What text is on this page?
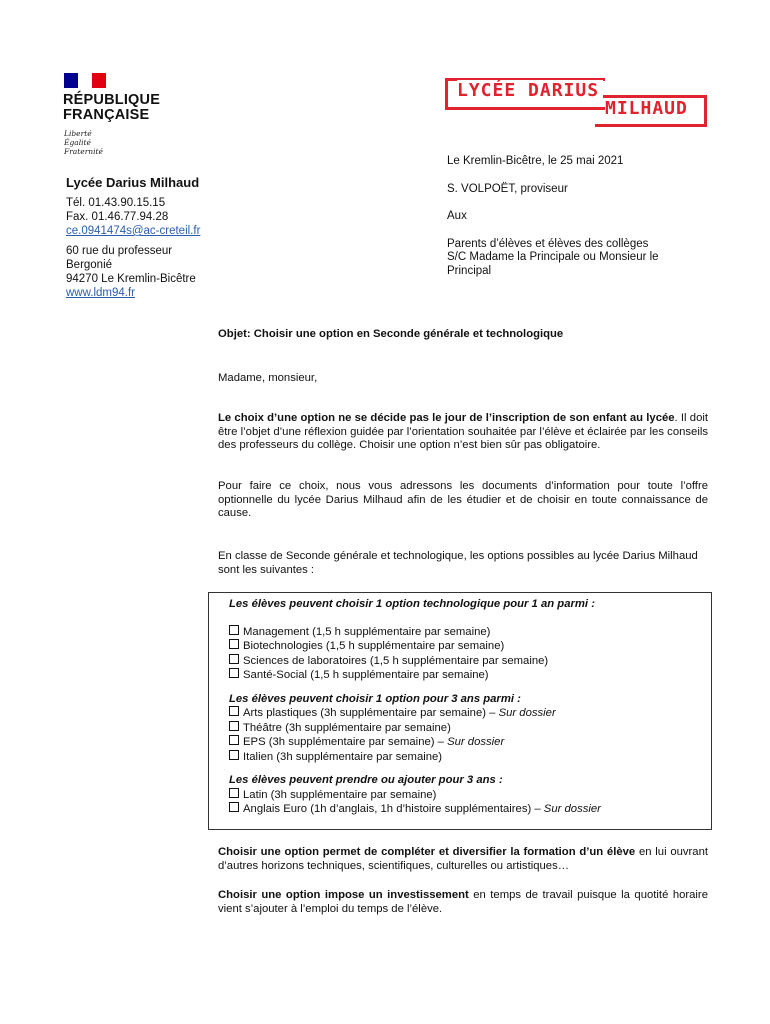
RÉPUBLIQUE
FRANÇAISE
Liberté
Égalité
Fraternité
LYCÉE DARIUS
MILHAUD
Lycée Darius Milhaud
Tél. 01.43.90.15.15
Fax. 01.46.77.94.28
ce.0941474s@ac-creteil.fr
60 rue du professeur
Bergonié
94270 Le Kremlin-Bicêtre
www.ldm94.fr
Le Kremlin-Bicêtre, le 25 mai 2021
S. VOLPOËT, proviseur
Aux
Parents d’élèves et élèves des collèges
S/C Madame la Principale ou Monsieur le
Principal
Objet: Choisir une option en Seconde générale et technologique
Madame, monsieur,
Le choix d’une option ne se décide pas le jour de l’inscription de son enfant au lycée. Il doit être l’objet d’une réflexion guidée par l’orientation souhaitée par l’élève et éclairée par les conseils des professeurs du collège. Choisir une option n’est bien sûr pas obligatoire.
Pour faire ce choix, nous vous adressons les documents d’information pour toute l’offre optionnelle du lycée Darius Milhaud afin de les étudier et de choisir en toute connaissance de cause.
En classe de Seconde générale et technologique, les options possibles au lycée Darius Milhaud sont les suivantes :
Les élèves peuvent choisir 1 option technologique pour 1 an parmi :
Management (1,5 h supplémentaire par semaine)
Biotechnologies (1,5 h supplémentaire par semaine)
Sciences de laboratoires (1,5 h supplémentaire par semaine)
Santé-Social (1,5 h supplémentaire par semaine)
Les élèves peuvent choisir 1 option pour 3 ans parmi :
Arts plastiques (3h supplémentaire par semaine) – Sur dossier
Théâtre (3h supplémentaire par semaine)
EPS (3h supplémentaire par semaine) – Sur dossier
Italien (3h supplémentaire par semaine)
Les élèves peuvent prendre ou ajouter pour 3 ans :
Latin (3h supplémentaire par semaine)
Anglais Euro (1h d’anglais, 1h d’histoire supplémentaires) – Sur dossier
Choisir une option permet de compléter et diversifier la formation d’un élève en lui ouvrant d’autres horizons techniques, scientifiques, culturelles ou artistiques…
Choisir une option impose un investissement en temps de travail puisque la quotité horaire vient s’ajouter à l’emploi du temps de l’élève.
